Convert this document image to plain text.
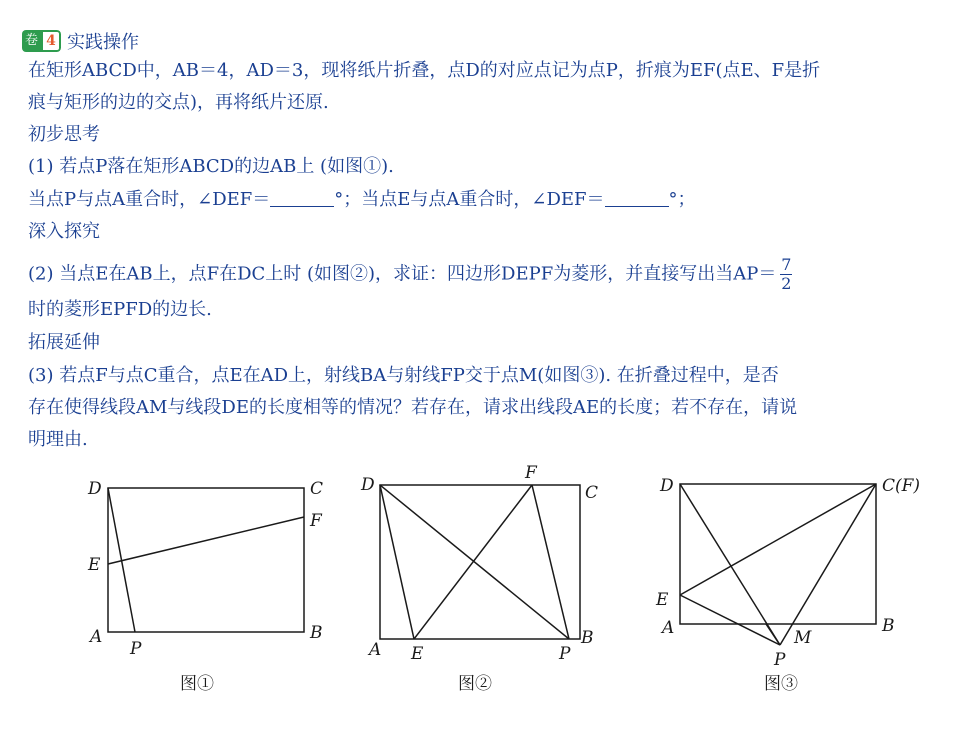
卷 4 实践操作
在矩形ABCD中，AB＝4，AD＝3，现将纸片折叠，点D的对应点记为点P，折痕为EF(点E、F是折
痕与矩形的边的交点)，再将纸片还原.
初步思考
(1) 若点P落在矩形ABCD的边AB上 (如图①).
当点P与点A重合时，∠DEF＝	°；当点E与点A重合时，∠DEF＝	°；
深入探究
(2) 当点E在AB上，点F在DC上时 (如图②)，求证：四边形DEPF为菱形，并直接写出当$AP= \frac{7}{2}$
时的菱形EPFD的边长.
拓展延伸
(3) 若点F与点C重合，点E在AD上，射线BA与射线FP交于点M(如图③). 在折叠过程中，是否
存在使得线段AM与线段DE的长度相等的情况？若存在，请求出线段AE的长度；若不存在，请说
明理由.
D	C
F
E
A	B
P
图①
D
F
C
A E	P
B
图②
D	C(F)
E
A	B
M
P
图③
